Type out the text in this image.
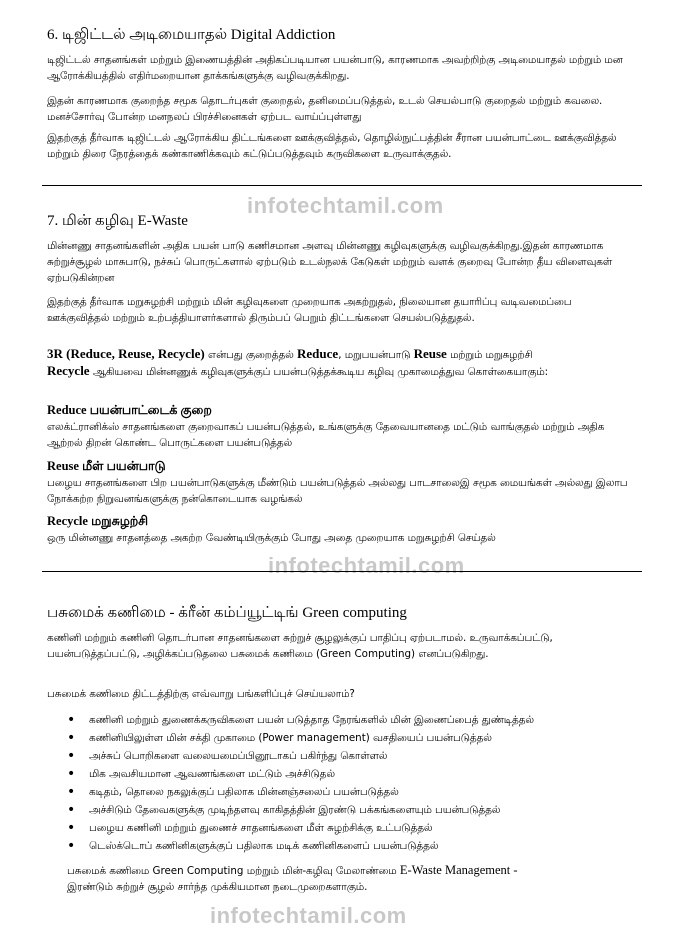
6. டிஜிட்டல் அடிமையாதல் Digital Addiction
டிஜிட்டல் சாதனங்கள் மற்றும் இணையத்தின் அதிகப்படியான பயன்பாடு, காரணமாக அவற்றிற்கு அடிமையாதல் மற்றும் மன ஆரோக்கியத்தில் எதிர்மறையான தாக்கங்களுக்கு வழிவகுக்கிறது.
இதன் காரணமாக குறைந்த சமூக தொடர்புகள் குறைதல், தனிமைப்படுத்தல், உடல் செயல்பாடு குறைதல் மற்றும் கவலை. மனச்சோர்வு போன்ற மனநலப் பிரச்சினைகள் ஏற்பட வாய்ப்புள்ளது
இதற்குத் தீர்வாக டிஜிட்டல் ஆரோக்கிய திட்டங்களை ஊக்குவித்தல், தொழில்நுட்பத்தின் சீரான பயன்பாட்டை ஊக்குவித்தல் மற்றும் திரை நேரத்தைக் கண்காணிக்கவும் கட்டுப்படுத்தவும் கருவிகளை உருவாக்குதல்.
infotechtamil.com
7. மின் கழிவு E-Waste
மின்னணு சாதனங்களின் அதிக பயன் பாடு கணிசமான அளவு மின்னணு கழிவுகளுக்கு வழிவகுக்கிறது.இதன் காரணமாக சுற்றுச்சூழல் மாசுபாடு, நச்சுப் பொருட்களால் ஏற்படும் உடல்நலக் கேடுகள் மற்றும் வளக் குறைவு போன்ற தீய விளைவுகள் ஏற்படுகின்றன
இதற்குத் தீர்வாக மறுசுழற்சி மற்றும் மின் கழிவுகளை முறையாக அகற்றுதல், நிலையான தயாரிப்பு வடிவமைப்பை ஊக்குவித்தல் மற்றும் உற்பத்தியாளர்களால் திரும்பப் பெறும் திட்டங்களை செயல்படுத்துதல்.
3R (Reduce, Reuse, Recycle) என்பது குறைத்தல் Reduce, மறுபயன்பாடு Reuse மற்றும் மறுசுழற்சி
Recycle ஆகியவை மின்னணுக் கழிவுகளுக்குப் பயன்படுத்தக்கூடிய கழிவு முகாமைத்துவ கொள்கையாகும்:
Reduce பயன்பாட்டைக் குறை
எலக்ட்ரானிக்ஸ் சாதனங்களை குறைவாகப் பயன்படுத்தல், உங்களுக்கு தேவையானதை மட்டும் வாங்குதல் மற்றும் அதிக ஆற்றல் திறன் கொண்ட பொருட்களை பயன்படுத்தல்
Reuse மீள் பயன்பாடு
பழைய சாதனங்களை பிற பயன்பாடுகளுக்கு மீண்டும் பயன்படுத்தல் அல்லது பாடசாலைஇ சமூக மையங்கள் அல்லது இலாப நோக்கற்ற நிறுவனங்களுக்கு நன்கொடையாக வழங்கல்
Recycle மறுசுழற்சி
ஒரு மின்னணு சாதனத்தை அகற்ற வேண்டியிருக்கும் போது அதை முறையாக மறுசுழற்சி செய்தல்
infotechtamil.com
பசுமைக் கணிமை - க்ரீன் கம்ப்யூட்டிங் Green computing
கணினி மற்றும் கணினி தொடர்பான சாதனங்களை சுற்றுச் சூழலுக்குப் பாதிப்பு ஏற்படாமல். உருவாக்கப்பட்டு, பயன்படுத்தப்பட்டு, அழிக்கப்படுதலை பசுமைக் கணிமை (Green Computing) எனப்படுகிறது.
பசுமைக் கணிமை திட்டத்திற்கு எவ்வாறு பங்களிப்புச் செய்யலாம்?
• கணினி மற்றும் துணைக்கருவிகளை பயன் படுத்தாத நேரங்களில் மின் இணைப்பைத் துண்டித்தல்
• கணினியிலுள்ள மின் சக்தி முகாமை (Power management) வசதியைப் பயன்படுத்தல்
• அச்சுப் பொறிகளை வலையமைப்பினூடாகப் பகிர்ந்து கொள்ளல்
• மிக அவசியமான ஆவணங்களை மட்டும் அச்சிடுதல்
• கடிதம், தொலை நகலுக்குப் பதிலாக மின்னஞ்சலைப் பயன்படுத்தல்
• அச்சிடும் தேவைகளுக்கு முடிந்தளவு காகிதத்தின் இரண்டு பக்கங்களையும் பயன்படுத்தல்
• பழைய கணினி மற்றும் துணைச் சாதனங்களை மீள் சுழற்சிக்கு உட்படுத்தல்
• டெஸ்க்டொப் கணினிகளுக்குப் பதிலாக மடிக் கணினிகளைப் பயன்படுத்தல்
பசுமைக் கணிமை Green Computing மற்றும் மின்-கழிவு மேலாண்மை E-Waste Management -
இரண்டும் சுற்றுச் சூழல் சார்ந்த முக்கியமான நடைமுறைகளாகும்.
infotechtamil.com
